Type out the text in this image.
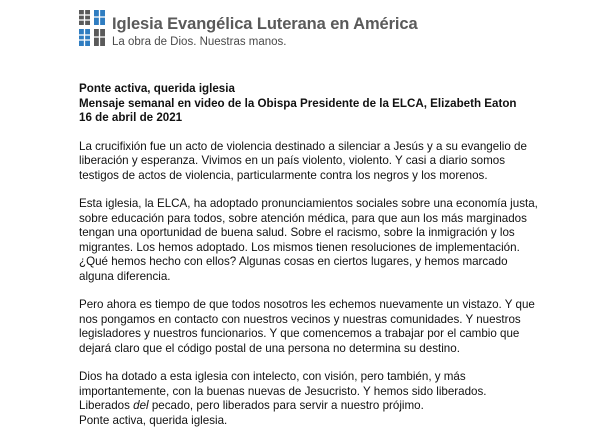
Iglesia Evangélica Luterana en América
La obra de Dios. Nuestras manos.

Ponte activa, querida iglesia

Mensaje semanal en video de la Obispa Presidente de la ELCA, Elizabeth Eaton

16 de abril de 2021

La crucifixión fue un acto de violencia destinado a silenciar a Jesús y a su evangelio de liberación y esperanza. Vivimos en un país violento, violento. Y casi a diario somos testigos de actos de violencia, particularmente contra los negros y los morenos.

Esta iglesia, la ELCA, ha adoptado pronunciamientos sociales sobre una economía justa, sobre educación para todos, sobre atención médica, para que aun los más marginados tengan una oportunidad de buena salud. Sobre el racismo, sobre la inmigración y los migrantes. Los hemos adoptado. Los mismos tienen resoluciones de implementación. ¿Qué hemos hecho con ellos? Algunas cosas en ciertos lugares, y hemos marcado alguna diferencia.

Pero ahora es tiempo de que todos nosotros les echemos nuevamente un vistazo. Y que nos pongamos en contacto con nuestros vecinos y nuestras comunidades. Y nuestros legisladores y nuestros funcionarios. Y que comencemos a trabajar por el cambio que dejará claro que el código postal de una persona no determina su destino.

Dios ha dotado a esta iglesia con intelecto, con visión, pero también, y más importantemente, con la buenas nuevas de Jesucristo. Y hemos sido liberados. Liberados del pecado, pero liberados para servir a nuestro prójimo.

Ponte activa, querida iglesia.
